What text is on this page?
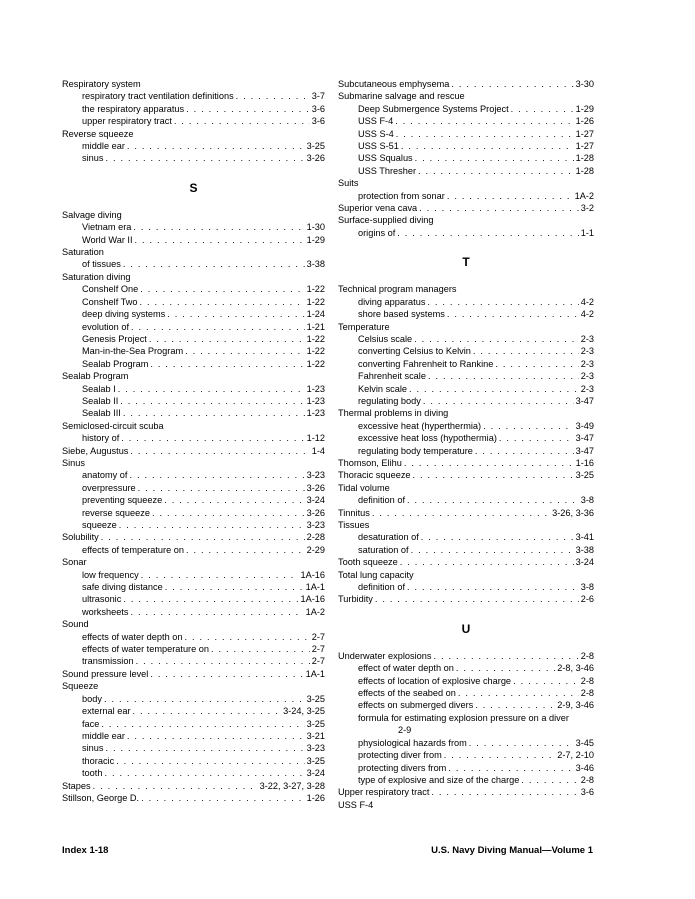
Respiratory system
respiratory tract ventilation definitions . . .	3-7
the respiratory apparatus . . .	3-6
upper respiratory tract . . .	3-6
Reverse squeeze
middle ear . . .	3-25
sinus . . .	3-26
S
Salvage diving
Vietnam era . . .	1-30
World War II . . .	1-29
Saturation
of tissues . . .	3-38
Saturation diving
Conshelf One . . .	1-22
Conshelf Two . . .	1-22
deep diving systems . . .	1-24
evolution of . . .	1-21
Genesis Project . . .	1-22
Man-in-the-Sea Program . . .	1-22
Sealab Program . . .	1-22
Sealab Program
Sealab I . . .	1-23
Sealab II . . .	1-23
Sealab III . . .	1-23
Semiclosed-circuit scuba
history of . . .	1-12
Siebe, Augustus . . .	1-4
Sinus
anatomy of . . .	3-23
overpressure . . .	3-26
preventing squeeze . . .	3-24
reverse squeeze . . .	3-26
squeeze . . .	3-23
Solubility . . .	2-28
effects of temperature on . . .	2-29
Sonar
low frequency . . .	1A-16
safe diving distance . . .	1A-1
ultrasonic . . .	1A-16
worksheets . . .	1A-2
Sound
effects of water depth on . . .	2-7
effects of water temperature on . . .	2-7
transmission . . .	2-7
Sound pressure level . . .	1A-1
Squeeze
body . . .	3-25
external ear . . .	3-24, 3-25
face . . .	3-25
middle ear . . .	3-21
sinus . . .	3-23
thoracic . . .	3-25
tooth . . .	3-24
Stapes . . .	3-22, 3-27, 3-28
Stillson, George D. . . .	1-26
Subcutaneous emphysema . . .	3-30
Submarine salvage and rescue
Deep Submergence Systems Project . . .	1-29
USS F-4 . . .	1-26
USS S-4 . . .	1-27
USS S-51 . . .	1-27
USS Squalus . . .	1-28
USS Thresher . . .	1-28
Suits
protection from sonar . . .	1A-2
Superior vena cava . . .	3-2
Surface-supplied diving
origins of . . .	1-1
T
Technical program managers
diving apparatus . . .	4-2
shore based systems . . .	4-2
Temperature
Celsius scale . . .	2-3
converting Celsius to Kelvin . . .	2-3
converting Fahrenheit to Rankine . . .	2-3
Fahrenheit scale . . .	2-3
Kelvin scale . . .	2-3
regulating body . . .	3-47
Thermal problems in diving
excessive heat (hyperthermia) . . .	3-49
excessive heat loss (hypothermia) . . .	3-47
regulating body temperature . . .	3-47
Thomson, Elihu . . .	1-16
Thoracic squeeze . . .	3-25
Tidal volume
definition of . . .	3-8
Tinnitus . . .	3-26, 3-36
Tissues
desaturation of . . .	3-41
saturation of . . .	3-38
Tooth squeeze . . .	3-24
Total lung capacity
definition of . . .	3-8
Turbidity . . .	2-6
U
Underwater explosions . . .	2-8
effect of water depth on . . .	2-8, 3-46
effects of location of explosive charge . . .	2-8
effects of the seabed on . . .	2-8
effects on submerged divers . . .	2-9, 3-46
formula for estimating explosion pressure on a diver
2-9
physiological hazards from . . .	3-45
protecting diver from . . .	2-7, 2-10
protecting divers from . . .	3-46
type of explosive and size of the charge . . .	2-8
Upper respiratory tract . . .	3-6
USS F-4
Index 1-18	U.S. Navy Diving Manual—Volume 1
